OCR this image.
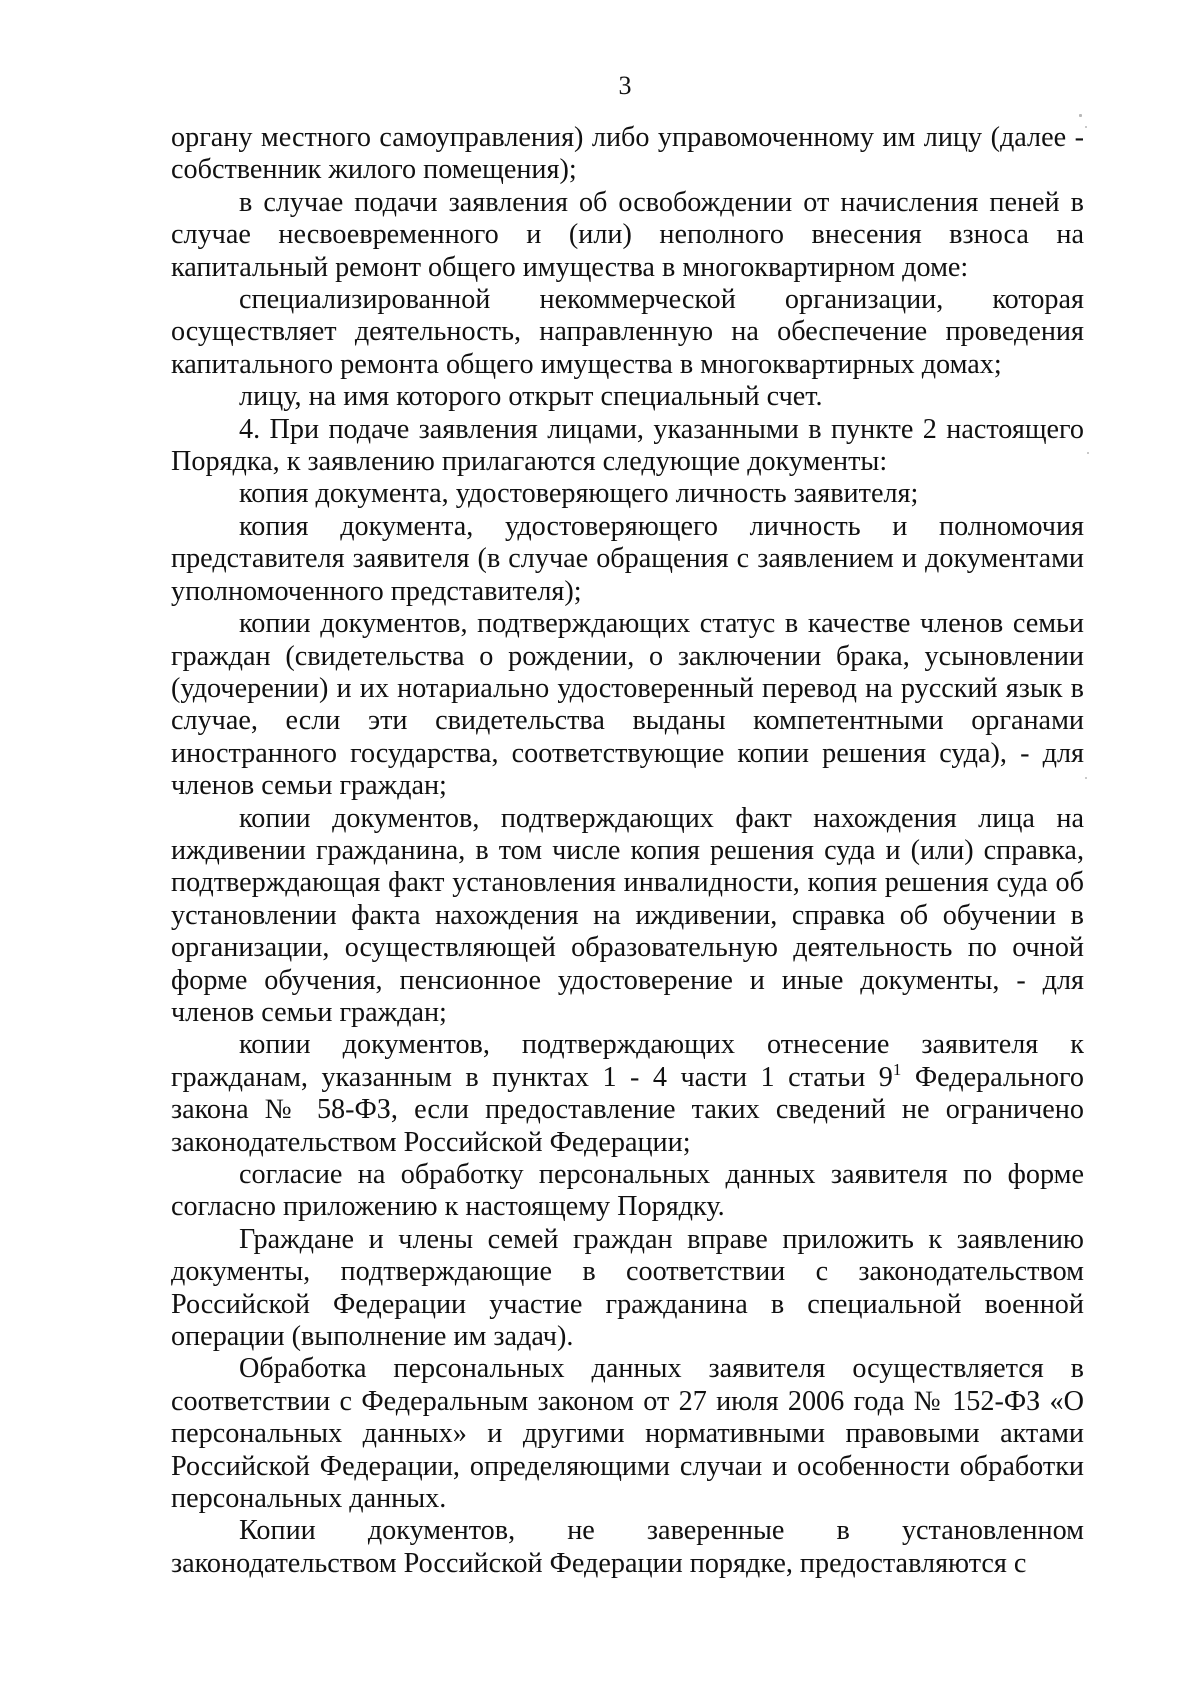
3

органу местного самоуправления) либо управомоченному им лицу (далее - собственник жилого помещения);

в случае подачи заявления об освобождении от начисления пеней в случае несвоевременного и (или) неполного внесения взноса на капитальный ремонт общего имущества в многоквартирном доме:

специализированной некоммерческой организации, которая осуществляет деятельность, направленную на обеспечение проведения капитального ремонта общего имущества в многоквартирных домах;

лицу, на имя которого открыт специальный счет.

4. При подаче заявления лицами, указанными в пункте 2 настоящего Порядка, к заявлению прилагаются следующие документы:

копия документа, удостоверяющего личность заявителя;

копия документа, удостоверяющего личность и полномочия представителя заявителя (в случае обращения с заявлением и документами уполномоченного представителя);

копии документов, подтверждающих статус в качестве членов семьи граждан (свидетельства о рождении, о заключении брака, усыновлении (удочерении) и их нотариально удостоверенный перевод на русский язык в случае, если эти свидетельства выданы компетентными органами иностранного государства, соответствующие копии решения суда), - для членов семьи граждан;

копии документов, подтверждающих факт нахождения лица на иждивении гражданина, в том числе копия решения суда и (или) справка, подтверждающая факт установления инвалидности, копия решения суда об установлении факта нахождения на иждивении, справка об обучении в организации, осуществляющей образовательную деятельность по очной форме обучения, пенсионное удостоверение и иные документы, - для членов семьи граждан;

копии документов, подтверждающих отнесение заявителя к гражданам, указанным в пунктах 1 - 4 части 1 статьи $9^1$ Федерального закона № 58-ФЗ, если предоставление таких сведений не ограничено законодательством Российской Федерации;

согласие на обработку персональных данных заявителя по форме согласно приложению к настоящему Порядку.

Граждане и члены семей граждан вправе приложить к заявлению документы, подтверждающие в соответствии с законодательством Российской Федерации участие гражданина в специальной военной операции (выполнение им задач).

Обработка персональных данных заявителя осуществляется в соответствии с Федеральным законом от 27 июля 2006 года № 152-ФЗ «О персональных данных» и другими нормативными правовыми актами Российской Федерации, определяющими случаи и особенности обработки персональных данных.

Копии документов, не заверенные в установленном законодательством Российской Федерации порядке, предоставляются с
